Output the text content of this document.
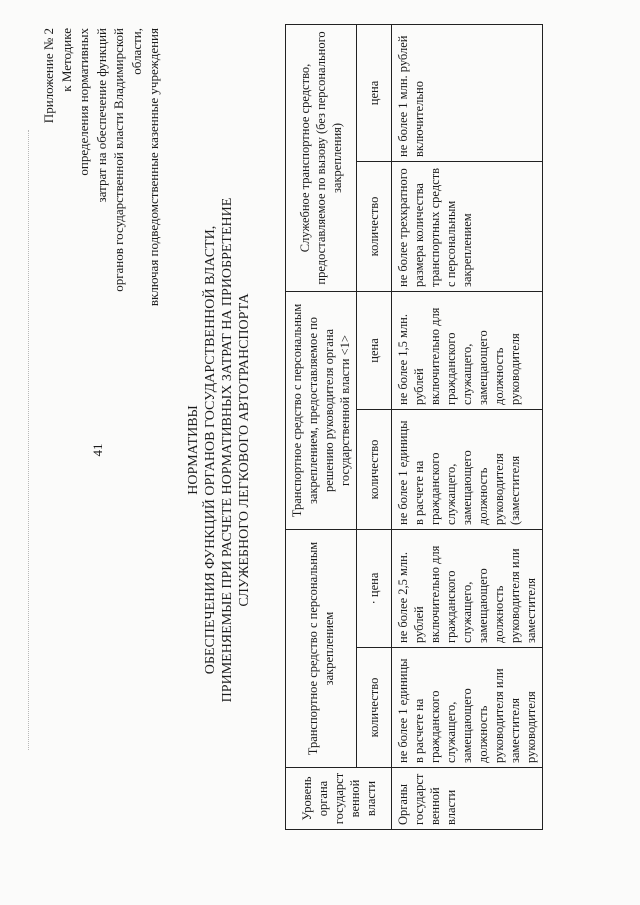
41
Приложение № 2 к Методике определения нормативных затрат на обеспечение функций органов государственной власти Владимирской области, включая подведомственные казенные учреждения
НОРМАТИВЫ ОБЕСПЕЧЕНИЯ ФУНКЦИЙ ОРГАНОВ ГОСУДАРСТВЕННОЙ ВЛАСТИ, ПРИМЕНЯЕМЫЕ ПРИ РАСЧЕТЕ НОРМАТИВНЫХ ЗАТРАТ НА ПРИОБРЕТЕНИЕ СЛУЖЕБНОГО ЛЕГКОВОГО АВТОТРАНСПОРТА
Уровень органа государственной власти	Транспортное средство с персональным закреплением		Транспортное средство с персональным закреплением, предоставляемое по решению руководителя органа государственной власти <1>		Служебное транспортное средство, предоставляемое по вызову (без персонального закрепления)	
	количество	· цена	количество	цена	количество	цена
Органы государственной власти	не более 1 единицы в расчете на гражданского служащего, замещающего должность руководителя или заместителя руководителя	не более 2,5 млн. рублей включительно для гражданского служащего, замещающего должность руководителя или заместителя	не более 1 единицы в расчете на гражданского служащего, замещающего должность руководителя (заместителя	не более 1,5 млн. рублей включительно для гражданского служащего, замещающего должность руководителя	не более трехкратного размера количества транспортных средств с персональным закреплением	не более 1 млн. рублей включительно
